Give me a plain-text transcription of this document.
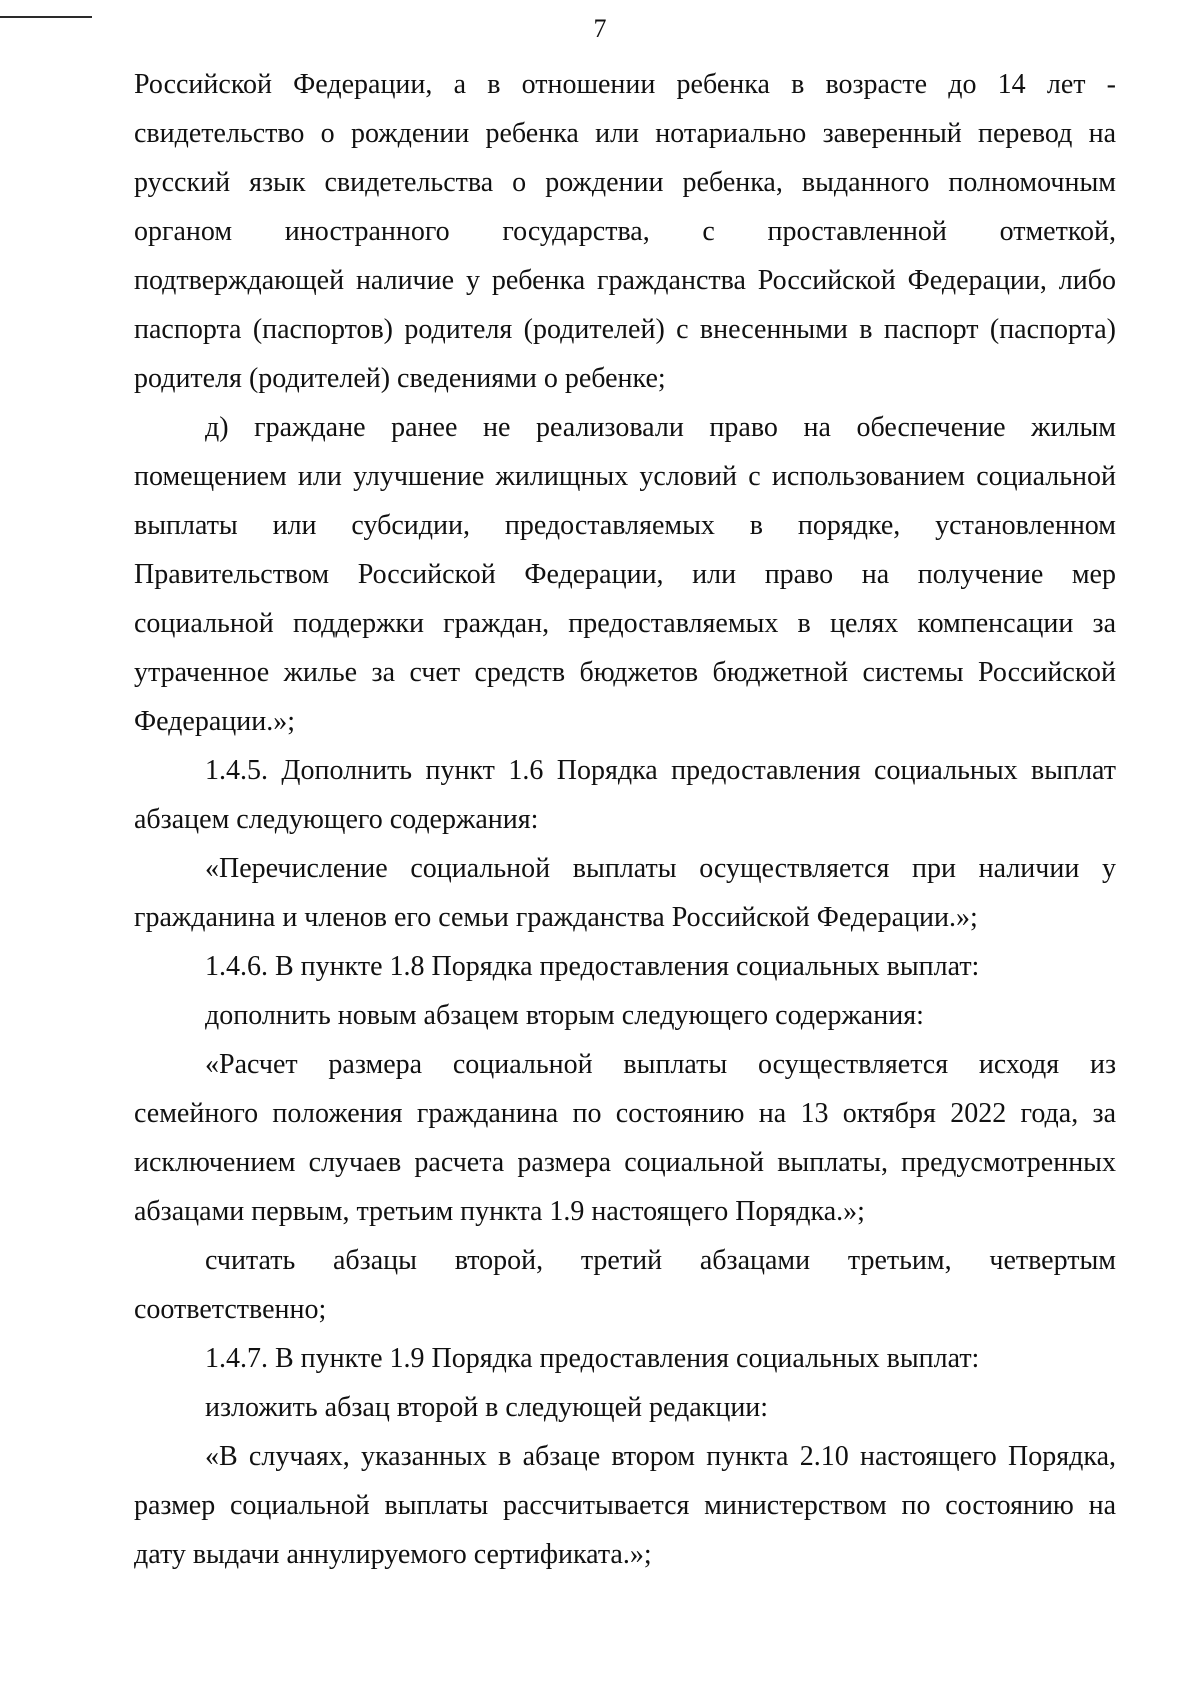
7
Российской Федерации, а в отношении ребенка в возрасте до 14 лет -
свидетельство о рождении ребенка или нотариально заверенный перевод на
русский язык свидетельства о рождении ребенка, выданного полномочным
органом иностранного государства, с проставленной отметкой,
подтверждающей наличие у ребенка гражданства Российской Федерации, либо
паспорта (паспортов) родителя (родителей) с внесенными в паспорт (паспорта)
родителя (родителей) сведениями о ребенке;
д) граждане ранее не реализовали право на обеспечение жилым
помещением или улучшение жилищных условий с использованием социальной
выплаты или субсидии, предоставляемых в порядке, установленном
Правительством Российской Федерации, или право на получение мер
социальной поддержки граждан, предоставляемых в целях компенсации за
утраченное жилье за счет средств бюджетов бюджетной системы Российской
Федерации.»;
1.4.5. Дополнить пункт 1.6 Порядка предоставления социальных выплат
абзацем следующего содержания:
«Перечисление социальной выплаты осуществляется при наличии у
гражданина и членов его семьи гражданства Российской Федерации.»;
1.4.6. В пункте 1.8 Порядка предоставления социальных выплат:
дополнить новым абзацем вторым следующего содержания:
«Расчет размера социальной выплаты осуществляется исходя из
семейного положения гражданина по состоянию на 13 октября 2022 года, за
исключением случаев расчета размера социальной выплаты, предусмотренных
абзацами первым, третьим пункта 1.9 настоящего Порядка.»;
считать абзацы второй, третий абзацами третьим, четвертым
соответственно;
1.4.7. В пункте 1.9 Порядка предоставления социальных выплат:
изложить абзац второй в следующей редакции:
«В случаях, указанных в абзаце втором пункта 2.10 настоящего Порядка,
размер социальной выплаты рассчитывается министерством по состоянию на
дату выдачи аннулируемого сертификата.»;
